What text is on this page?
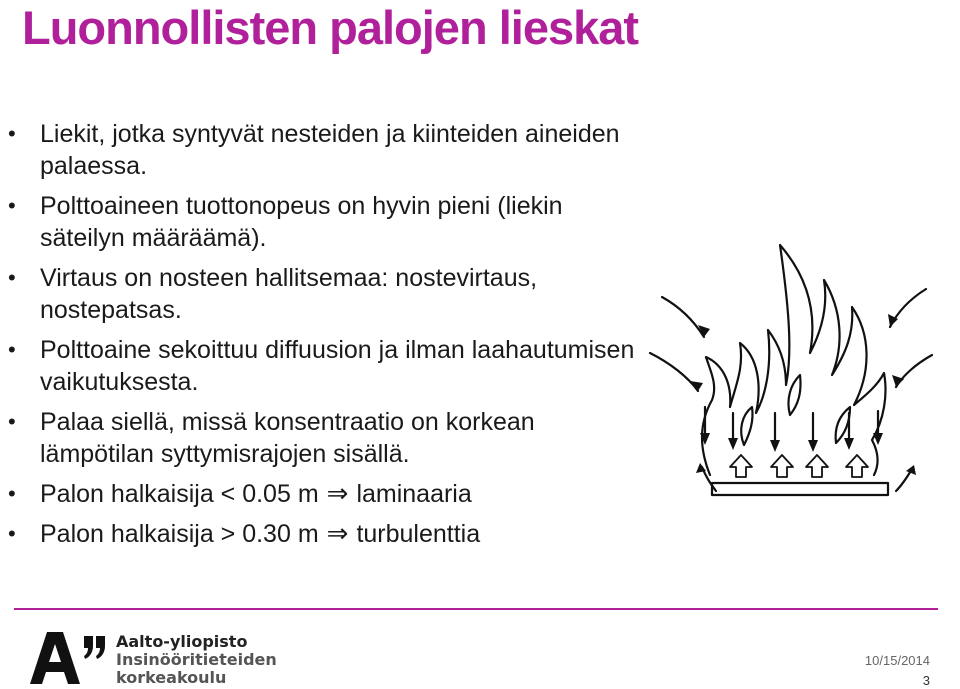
Luonnollisten palojen lieskat
• Liekit, jotka syntyvät nesteiden ja kiinteiden aineiden palaessa.
• Polttoaineen tuottonopeus on hyvin pieni (liekin säteilyn määräämä).
• Virtaus on nosteen hallitsemaa: nostevirtaus, nostepatsas.
• Polttoaine sekoittuu diffuusion ja ilman laahautumisen vaikutuksesta.
• Palaa siellä, missä konsentraatio on korkean lämpötilan syttymisrajojen sisällä.
• Palon halkaisija < 0.05 m ⇒ laminaaria
• Palon halkaisija > 0.30 m ⇒ turbulenttia
Aalto-yliopisto
Insinööritieteiden
korkeakoulu
10/15/2014
3
